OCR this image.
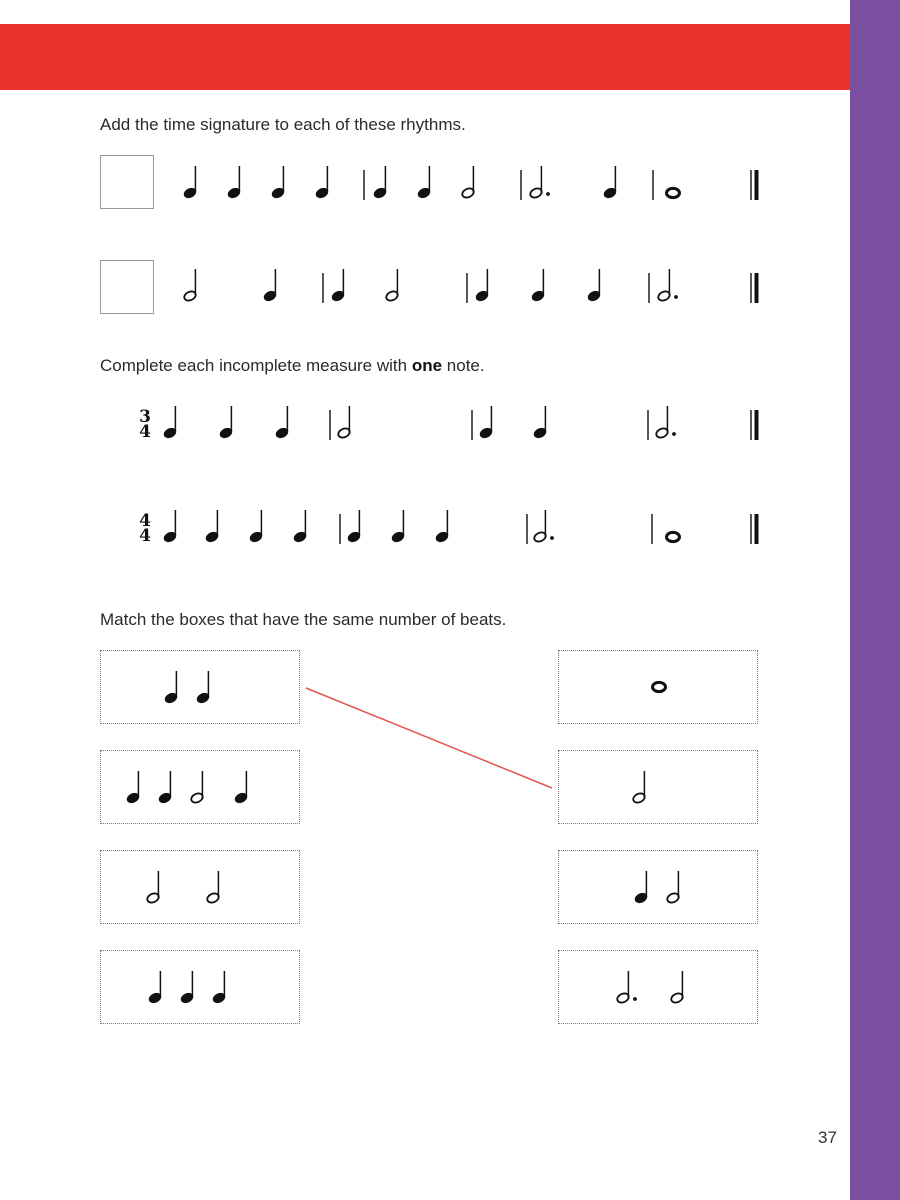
Add the time signature to each of these rhythms.
Complete each incomplete measure with one note.
3
4
4
4
Match the boxes that have the same number of beats.
37
